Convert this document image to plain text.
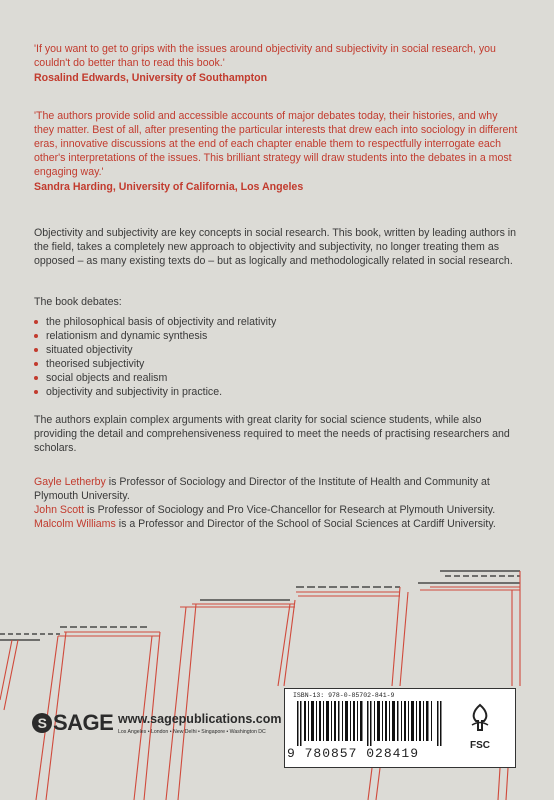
'If you want to get to grips with the issues around objectivity and subjectivity in social research, you couldn't do better than to read this book.'

Rosalind Edwards, University of Southampton

'The authors provide solid and accessible accounts of major debates today, their histories, and why they matter. Best of all, after presenting the particular interests that drew each into sociology in different eras, innovative discussions at the end of each chapter enable them to respectfully interrogate each other's interpretations of the issues. This brilliant strategy will draw students into the debates in a most engaging way.'

Sandra Harding, University of California, Los Angeles

Objectivity and subjectivity are key concepts in social research. This book, written by leading authors in the field, takes a completely new approach to objectivity and subjectivity, no longer treating them as opposed – as many existing texts do – but as logically and methodologically related in social research.

The book debates:

the philosophical basis of objectivity and relativity
relationism and dynamic synthesis
situated objectivity
theorised subjectivity
social objects and realism
objectivity and subjectivity in practice.

The authors explain complex arguments with great clarity for social science students, while also providing the detail and comprehensiveness required to meet the needs of practising researchers and scholars.

Gayle Letherby is Professor of Sociology and Director of the Institute of Health and Community at Plymouth University.

John Scott is Professor of Sociology and Pro Vice-Chancellor for Research at Plymouth University.

Malcolm Williams is a Professor and Director of the School of Social Sciences at Cardiff University.

S SAGE www.sagepublications.com
Los Angeles • London • New Delhi • Singapore • Washington DC
ISBN-13: 978-0-85702-841-9
9 780857 028419
FSC
